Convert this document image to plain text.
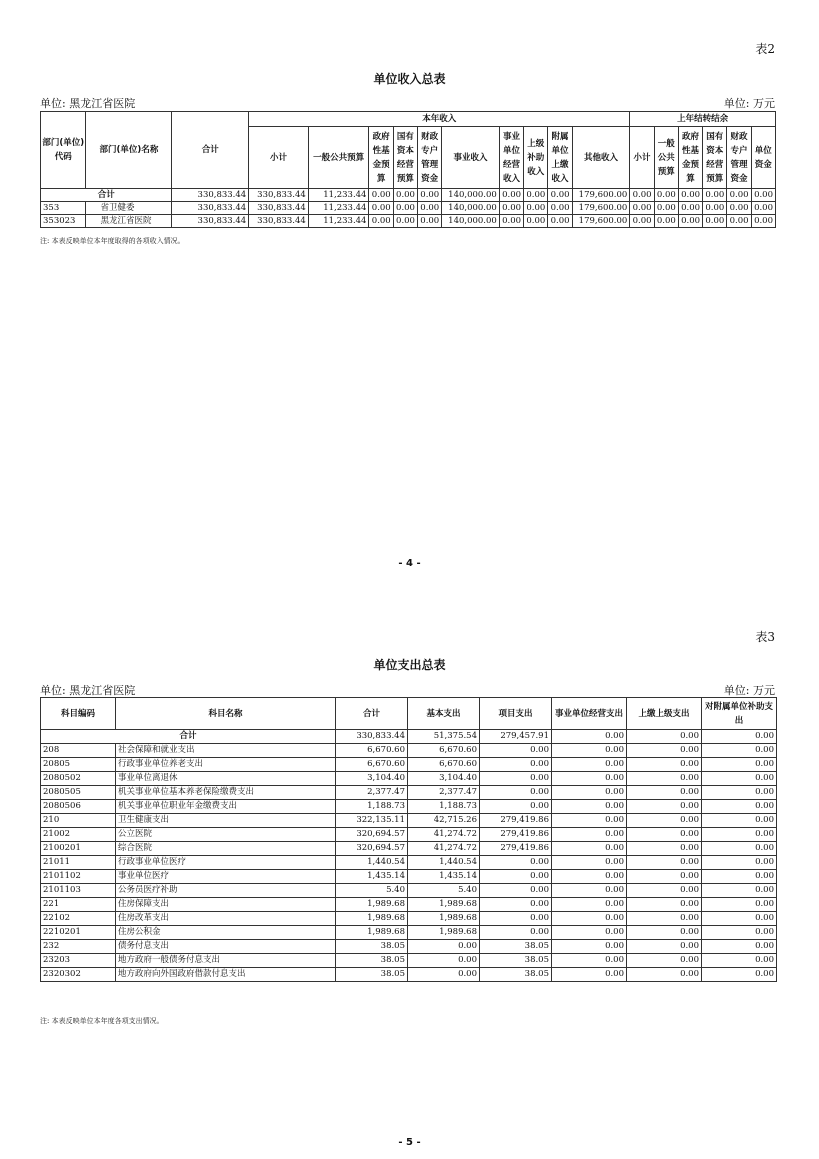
表2
单位收入总表
单位: 黑龙江省医院	单位: 万元
部门(单位)代码	部门(单位)名称	合计	本年收入										上年结转结余					
			小计	一般公共预算	政府性基金预算	国有资本经营预算	财政专户管理资金	事业收入	事业单位经营收入	上级补助收入	附属单位上缴收入	其他收入	小计	一般公共预算	政府性基金预算	国有资本经营预算	财政专户管理资金	单位资金
合计		330,833.44	330,833.44	11,233.44	0.00	0.00	0.00	140,000.00	0.00	0.00	0.00	179,600.00	0.00	0.00	0.00	0.00	0.00	0.00
353	省卫健委	330,833.44	330,833.44	11,233.44	0.00	0.00	0.00	140,000.00	0.00	0.00	0.00	179,600.00	0.00	0.00	0.00	0.00	0.00	0.00
353023	黑龙江省医院	330,833.44	330,833.44	11,233.44	0.00	0.00	0.00	140,000.00	0.00	0.00	0.00	179,600.00	0.00	0.00	0.00	0.00	0.00	0.00
注: 本表反映单位本年度取得的各项收入情况。
- 4 -
表3
单位支出总表
单位: 黑龙江省医院	单位: 万元
科目编码	科目名称	合计	基本支出	项目支出	事业单位经营支出	上缴上级支出	对附属单位补助支出
合计		330,833.44	51,375.54	279,457.91	0.00	0.00	0.00
208	社会保障和就业支出	6,670.60	6,670.60	0.00	0.00	0.00	0.00
20805	行政事业单位养老支出	6,670.60	6,670.60	0.00	0.00	0.00	0.00
2080502	事业单位离退休	3,104.40	3,104.40	0.00	0.00	0.00	0.00
2080505	机关事业单位基本养老保险缴费支出	2,377.47	2,377.47	0.00	0.00	0.00	0.00
2080506	机关事业单位职业年金缴费支出	1,188.73	1,188.73	0.00	0.00	0.00	0.00
210	卫生健康支出	322,135.11	42,715.26	279,419.86	0.00	0.00	0.00
21002	公立医院	320,694.57	41,274.72	279,419.86	0.00	0.00	0.00
2100201	综合医院	320,694.57	41,274.72	279,419.86	0.00	0.00	0.00
21011	行政事业单位医疗	1,440.54	1,440.54	0.00	0.00	0.00	0.00
2101102	事业单位医疗	1,435.14	1,435.14	0.00	0.00	0.00	0.00
2101103	公务员医疗补助	5.40	5.40	0.00	0.00	0.00	0.00
221	住房保障支出	1,989.68	1,989.68	0.00	0.00	0.00	0.00
22102	住房改革支出	1,989.68	1,989.68	0.00	0.00	0.00	0.00
2210201	住房公积金	1,989.68	1,989.68	0.00	0.00	0.00	0.00
232	债务付息支出	38.05	0.00	38.05	0.00	0.00	0.00
23203	地方政府一般债务付息支出	38.05	0.00	38.05	0.00	0.00	0.00
2320302	地方政府向外国政府借款付息支出	38.05	0.00	38.05	0.00	0.00	0.00
注: 本表反映单位本年度各项支出情况。
- 5 -
